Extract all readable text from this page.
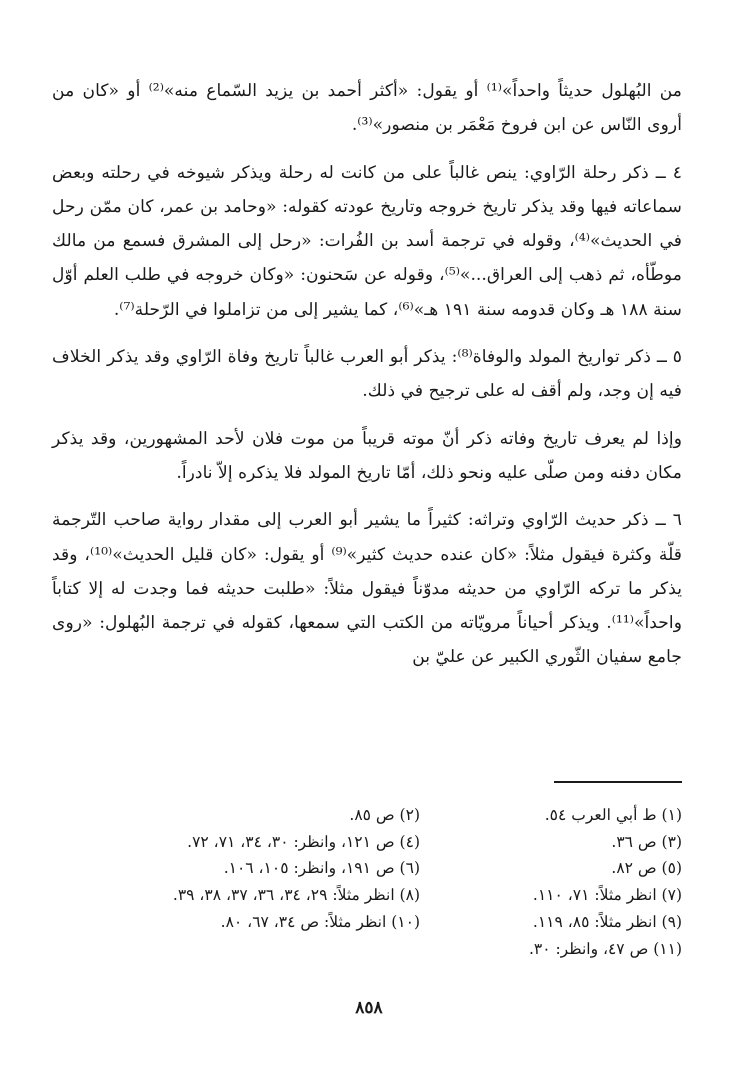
من البُهلول حديثاً واحداً»⁽¹⁾ أو يقول: «أكثر أحمد بن يزيد السّماع منه»⁽²⁾ أو «كان من أروى النّاس عن ابن فروخ مَعْمَر بن منصور»⁽³⁾.

٤ ــ ذكر رحلة الرّاوي: ينص غالباً على من كانت له رحلة ويذكر شيوخه في رحلته وبعض سماعاته فيها وقد يذكر تاريخ خروجه وتاريخ عودته كقوله: «وحامد بن عمر، كان ممّن رحل في الحديث»⁽⁴⁾، وقوله في ترجمة أسد بن الفُرات: «رحل إلى المشرق فسمع من مالك موطّأه، ثم ذهب إلى العراق...»⁽⁵⁾، وقوله عن سَحنون: «وكان خروجه في طلب العلم أوّل سنة ١٨٨ هـ وكان قدومه سنة ١٩١ هـ»⁽⁶⁾، كما يشير إلى من تزاملوا في الرّحلة⁽⁷⁾.

٥ ــ ذكر تواريخ المولد والوفاة⁽⁸⁾: يذكر أبو العرب غالباً تاريخ وفاة الرّاوي وقد يذكر الخلاف فيه إن وجد، ولم أقف له على ترجيح في ذلك.

وإذا لم يعرف تاريخ وفاته ذكر أنّ موته قريباً من موت فلان لأحد المشهورين، وقد يذكر مكان دفنه ومن صلّى عليه ونحو ذلك، أمّا تاريخ المولد فلا يذكره إلاّ نادراً.

٦ ــ ذكر حديث الرّاوي وتراثه: كثيراً ما يشير أبو العرب إلى مقدار رواية صاحب التّرجمة قلّة وكثرة فيقول مثلاً: «كان عنده حديث كثير»⁽⁹⁾ أو يقول: «كان قليل الحديث»⁽¹⁰⁾، وقد يذكر ما تركه الرّاوي من حديثه مدوّناً فيقول مثلاً: «طلبت حديثه فما وجدت له إلا كتاباً واحداً»⁽¹¹⁾. ويذكر أحياناً مرويّاته من الكتب التي سمعها، كقوله في ترجمة البُهلول: «روى جامع سفيان الثّوري الكبير عن عليّ بن

(١) ط أبي العرب ٥٤.
(٣) ص ٣٦.
(٥) ص ٨٢.
(٧) انظر مثلاً: ٧١، ١١٠.
(٩) انظر مثلاً: ٨٥، ١١٩.
(١١) ص ٤٧، وانظر: ٣٠.
(٢) ص ٨٥.
(٤) ص ١٢١، وانظر: ٣٠، ٣٤، ٧١، ٧٢.
(٦) ص ١٩١، وانظر: ١٠٥، ١٠٦.
(٨) انظر مثلاً: ٢٩، ٣٤، ٣٦، ٣٧، ٣٨، ٣٩.
(١٠) انظر مثلاً: ص ٣٤، ٦٧، ٨٠.
٨٥٨
